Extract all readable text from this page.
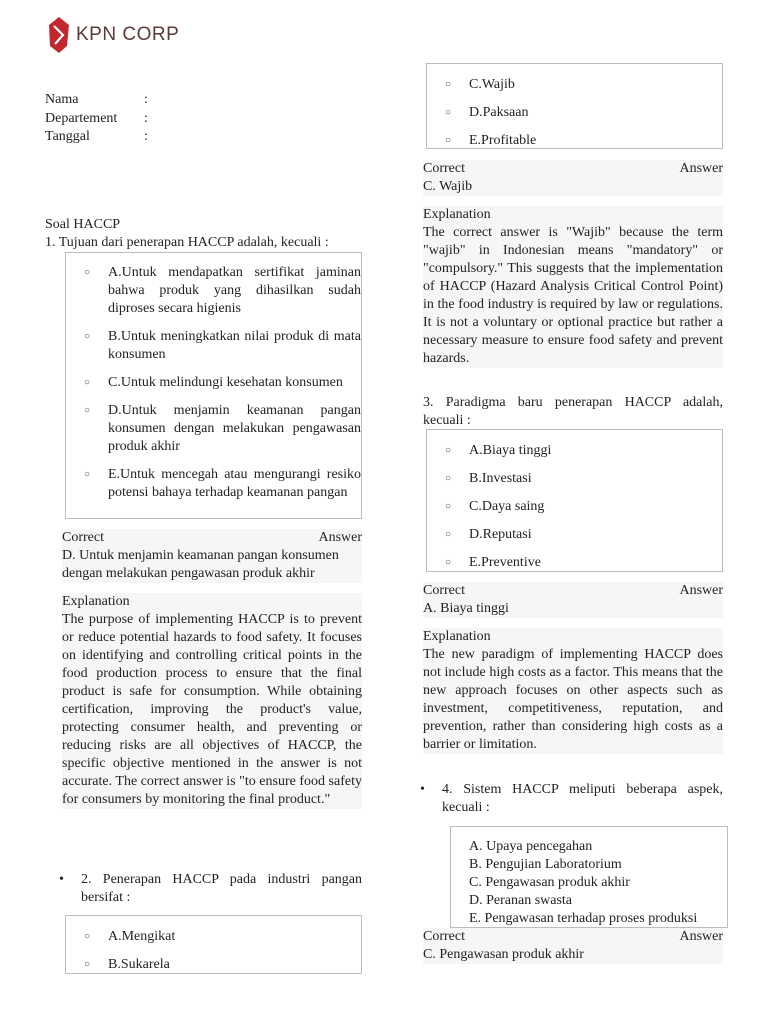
KPN CORP
Nama	:
Departement	:
Tanggal	:
Soal HACCP
1. Tujuan dari penerapan HACCP adalah, kecuali :
○	A.Untuk mendapatkan sertifikat jaminan bahwa produk yang dihasilkan sudah diproses secara higienis
○	B.Untuk meningkatkan nilai produk di mata konsumen
○	C.Untuk melindungi kesehatan konsumen
○	D.Untuk menjamin keamanan pangan konsumen dengan melakukan pengawasan produk akhir
○	E.Untuk mencegah atau mengurangi resiko potensi bahaya terhadap keamanan pangan
Correct	Answer
D. Untuk menjamin keamanan pangan konsumen dengan melakukan pengawasan produk akhir
Explanation
The purpose of implementing HACCP is to prevent or reduce potential hazards to food safety. It focuses on identifying and controlling critical points in the food production process to ensure that the final product is safe for consumption. While obtaining certification, improving the product's value, protecting consumer health, and preventing or reducing risks are all objectives of HACCP, the specific objective mentioned in the answer is not accurate. The correct answer is "to ensure food safety for consumers by monitoring the final product."
• 2. Penerapan HACCP pada industri pangan bersifat :
○	A.Mengikat
○	B.Sukarela
○	C.Wajib
○	D.Paksaan
○	E.Profitable
Correct	Answer
C. Wajib
Explanation
The correct answer is "Wajib" because the term "wajib" in Indonesian means "mandatory" or "compulsory." This suggests that the implementation of HACCP (Hazard Analysis Critical Control Point) in the food industry is required by law or regulations. It is not a voluntary or optional practice but rather a necessary measure to ensure food safety and prevent hazards.
3. Paradigma baru penerapan HACCP adalah, kecuali :
○	A.Biaya tinggi
○	B.Investasi
○	C.Daya saing
○	D.Reputasi
○	E.Preventive
Correct	Answer
A. Biaya tinggi
Explanation
The new paradigm of implementing HACCP does not include high costs as a factor. This means that the new approach focuses on other aspects such as investment, competitiveness, reputation, and prevention, rather than considering high costs as a barrier or limitation.
• 4. Sistem HACCP meliputi beberapa aspek, kecuali :
A. Upaya pencegahan
B. Pengujian Laboratorium
C. Pengawasan produk akhir
D. Peranan swasta
E. Pengawasan terhadap proses produksi
Correct	Answer
C. Pengawasan produk akhir
